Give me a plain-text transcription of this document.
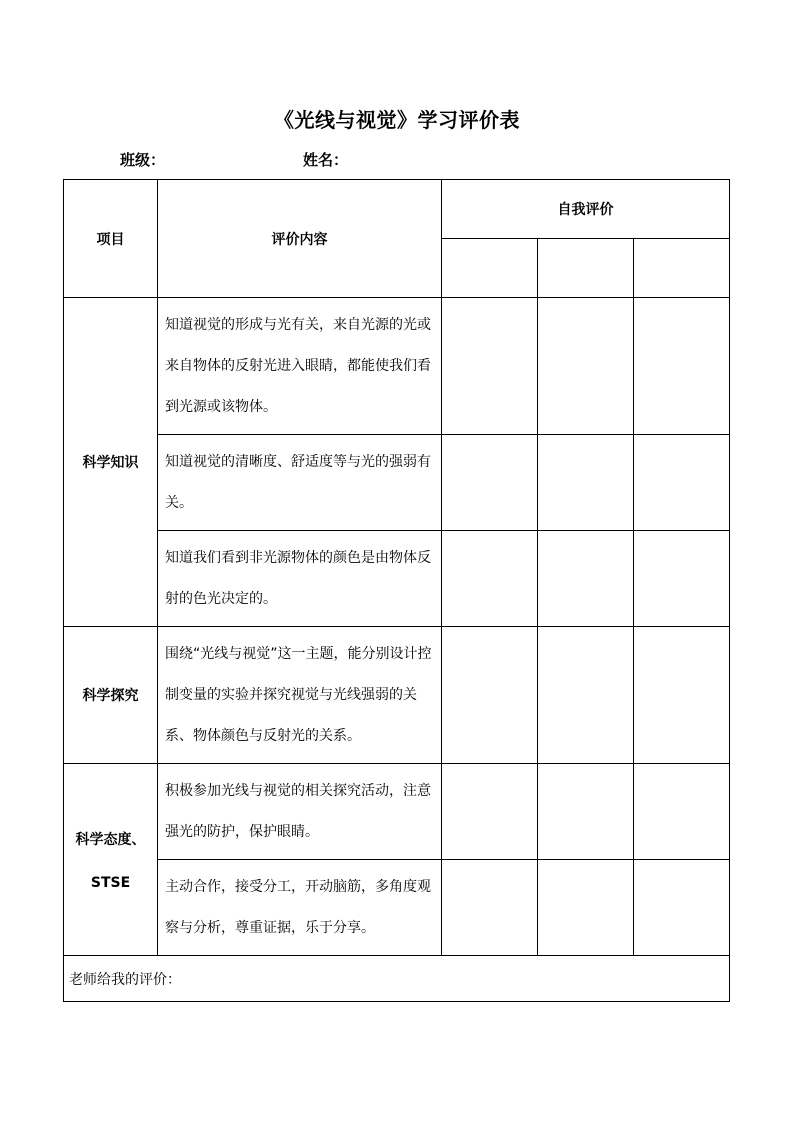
《光线与视觉》学习评价表
班级：	姓名：
项目	评价内容	自我评价		

科学知识	知道视觉的形成与光有关，来自光源的光或来自物体的反射光进入眼睛，都能使我们看到光源或该物体。			

	知道视觉的清晰度、舒适度等与光的强弱有关。			

	知道我们看到非光源物体的颜色是由物体反射的色光决定的。			

科学探究	围绕“光线与视觉”这一主题，能分别设计控制变量的实验并探究视觉与光线强弱的关系、物体颜色与反射光的关系。			

科学态度、
STSE	积极参加光线与视觉的相关探究活动，注意强光的防护，保护眼睛。			

	主动合作，接受分工，开动脑筋，多角度观察与分析，尊重证据，乐于分享。			

老师给我的评价：				
